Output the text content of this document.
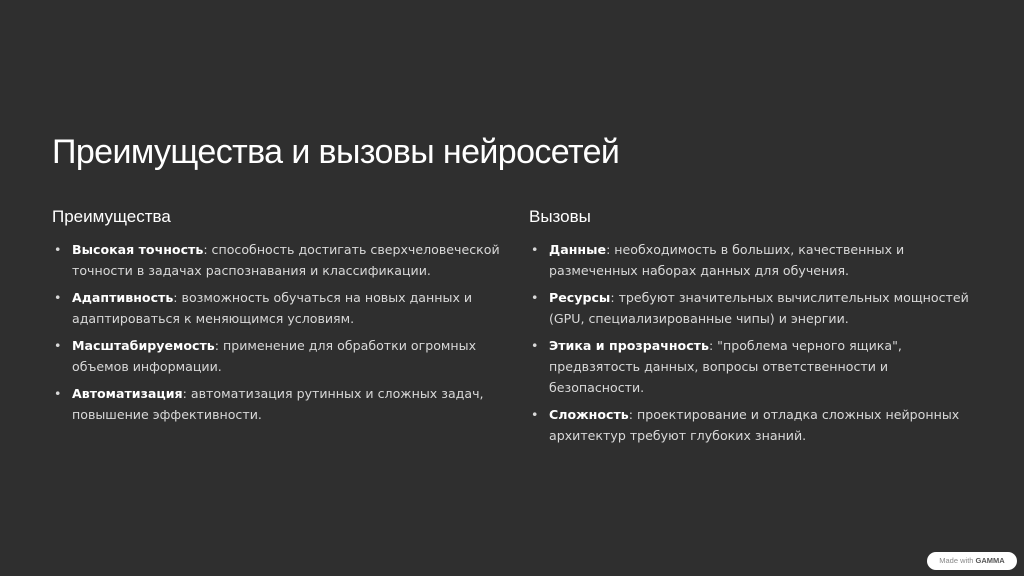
Преимущества и вызовы нейросетей
Преимущества
• Высокая точность: способность достигать сверхчеловеческой точности в задачах распознавания и классификации.
• Адаптивность: возможность обучаться на новых данных и адаптироваться к меняющимся условиям.
• Масштабируемость: применение для обработки огромных объемов информации.
• Автоматизация: автоматизация рутинных и сложных задач, повышение эффективности.
Вызовы
• Данные: необходимость в больших, качественных и размеченных наборах данных для обучения.
• Ресурсы: требуют значительных вычислительных мощностей (GPU, специализированные чипы) и энергии.
• Этика и прозрачность: "проблема черного ящика", предвзятость данных, вопросы ответственности и безопасности.
• Сложность: проектирование и отладка сложных нейронных архитектур требуют глубоких знаний.
Made with GAMMA
